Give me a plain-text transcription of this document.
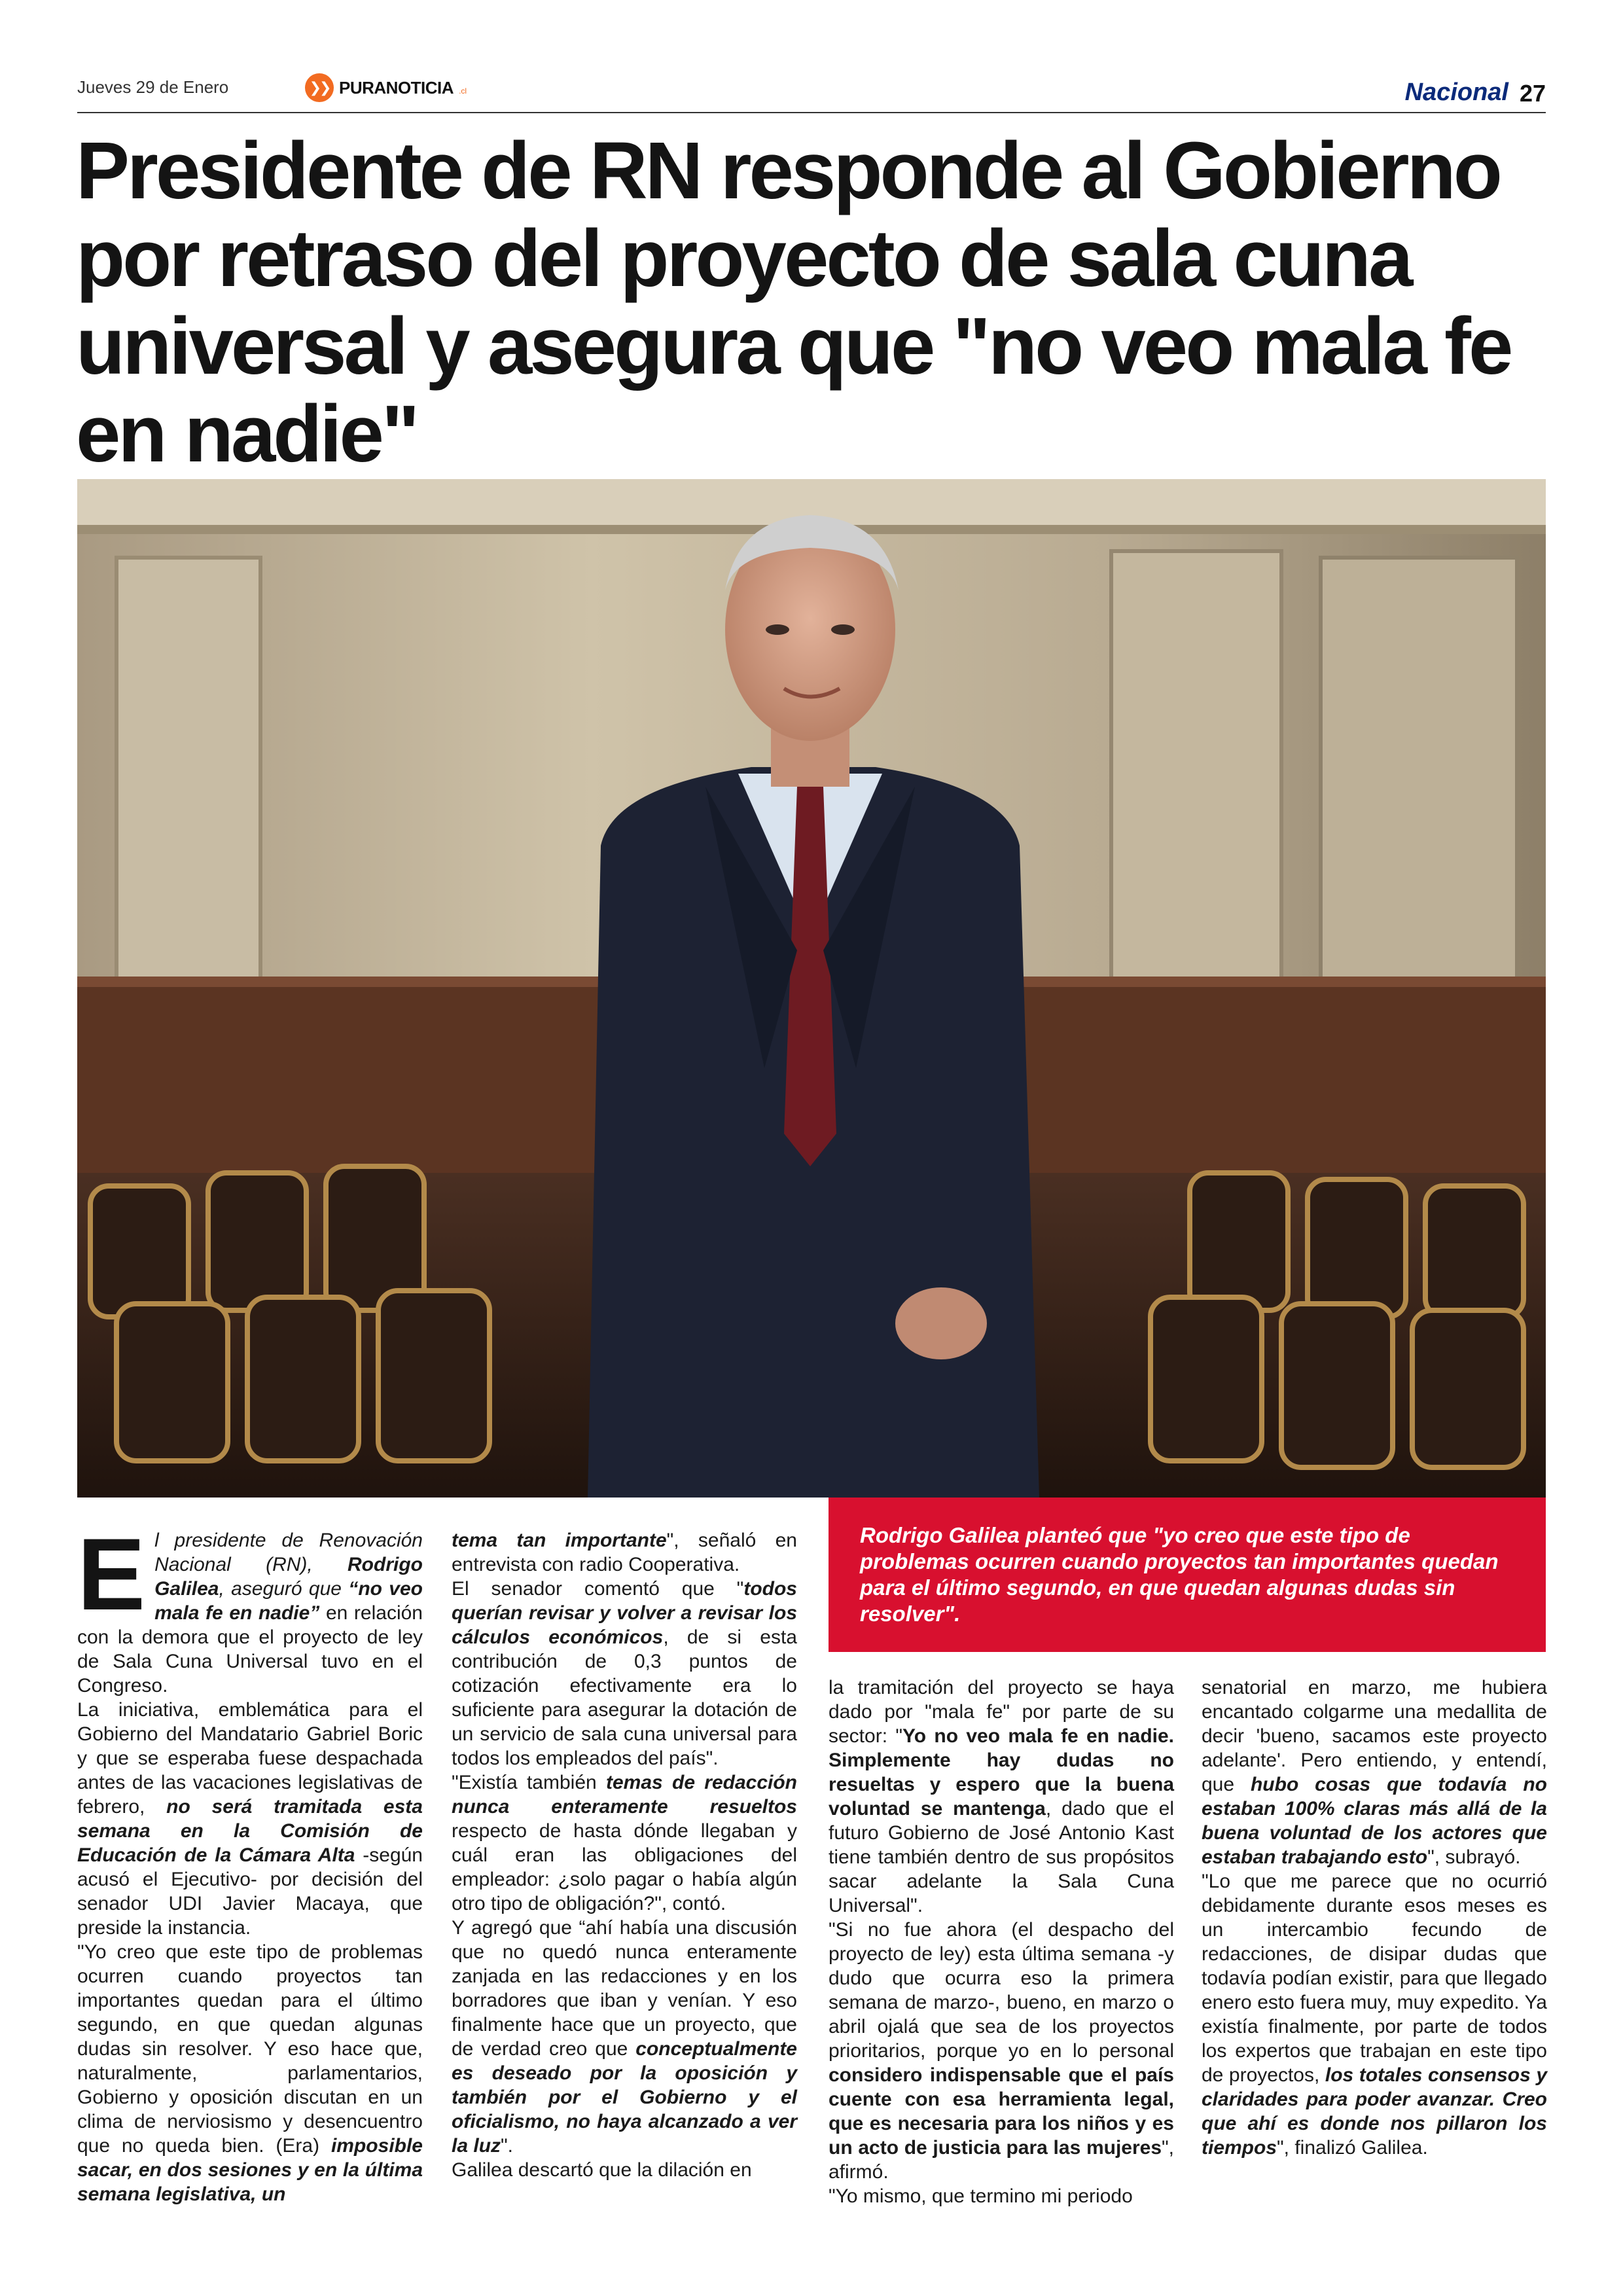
Jueves 29 de Enero	❯❯ PURANOTICIA .cl	Nacional 27
Presidente de RN responde al Gobierno por retraso del proyecto de sala cuna universal y asegura que "no veo mala fe en nadie"

Rodrigo Galilea planteó que "yo creo que este tipo de problemas ocurren cuando proyectos tan importantes quedan para el último segundo, en que quedan algunas dudas sin resolver".

E l presidente de Renovación Nacional (RN), Rodrigo Galilea, aseguró que “no veo mala fe en nadie” en relación con la demora que el proyecto de ley de Sala Cuna Universal tuvo en el Congreso.

La iniciativa, emblemática para el Gobierno del Mandatario Gabriel Boric y que se esperaba fuese despachada antes de las vacaciones legislativas de febrero, no será tramitada esta semana en la Comisión de Educación de la Cámara Alta -según acusó el Ejecutivo- por decisión del senador UDI Javier Macaya, que preside la instancia.

"Yo creo que este tipo de problemas ocurren cuando proyectos tan importantes quedan para el último segundo, en que quedan algunas dudas sin resolver. Y eso hace que, naturalmente, parlamentarios, Gobierno y oposición discutan en un clima de nerviosismo y desencuentro que no queda bien. (Era) imposible sacar, en dos sesiones y en la última semana legislativa, un

tema tan importante", señaló en entrevista con radio Cooperativa.

El senador comentó que "todos querían revisar y volver a revisar los cálculos económicos, de si esta contribución de 0,3 puntos de cotización efectivamente era lo suficiente para asegurar la dotación de un servicio de sala cuna universal para todos los empleados del país".

"Existía también temas de redacción nunca enteramente resueltos respecto de hasta dónde llegaban y cuál eran las obligaciones del empleador: ¿solo pagar o había algún otro tipo de obligación?", contó.

Y agregó que “ahí había una discusión que no quedó nunca enteramente zanjada en las redacciones y en los borradores que iban y venían. Y eso finalmente hace que un proyecto, que de verdad creo que conceptualmente es deseado por la oposición y también por el Gobierno y el oficialismo, no haya alcanzado a ver la luz".

Galilea descartó que la dilación en

la tramitación del proyecto se haya dado por "mala fe" por parte de su sector: "Yo no veo mala fe en nadie. Simplemente hay dudas no resueltas y espero que la buena voluntad se mantenga, dado que el futuro Gobierno de José Antonio Kast tiene también dentro de sus propósitos sacar adelante la Sala Cuna Universal".

"Si no fue ahora (el despacho del proyecto de ley) esta última semana -y dudo que ocurra eso la primera semana de marzo-, bueno, en marzo o abril ojalá que sea de los proyectos prioritarios, porque yo en lo personal considero indispensable que el país cuente con esa herramienta legal, que es necesaria para los niños y es un acto de justicia para las mujeres", afirmó.

"Yo mismo, que termino mi periodo

senatorial en marzo, me hubiera encantado colgarme una medallita de decir 'bueno, sacamos este proyecto adelante'. Pero entiendo, y entendí, que hubo cosas que todavía no estaban 100% claras más allá de la buena voluntad de los actores que estaban trabajando esto", subrayó.

"Lo que me parece que no ocurrió debidamente durante esos meses es un intercambio fecundo de redacciones, de disipar dudas que todavía podían existir, para que llegado enero esto fuera muy, muy expedito. Ya existía finalmente, por parte de todos los expertos que trabajan en este tipo de proyectos, los totales consensos y claridades para poder avanzar. Creo que ahí es donde nos pillaron los tiempos", finalizó Galilea.
